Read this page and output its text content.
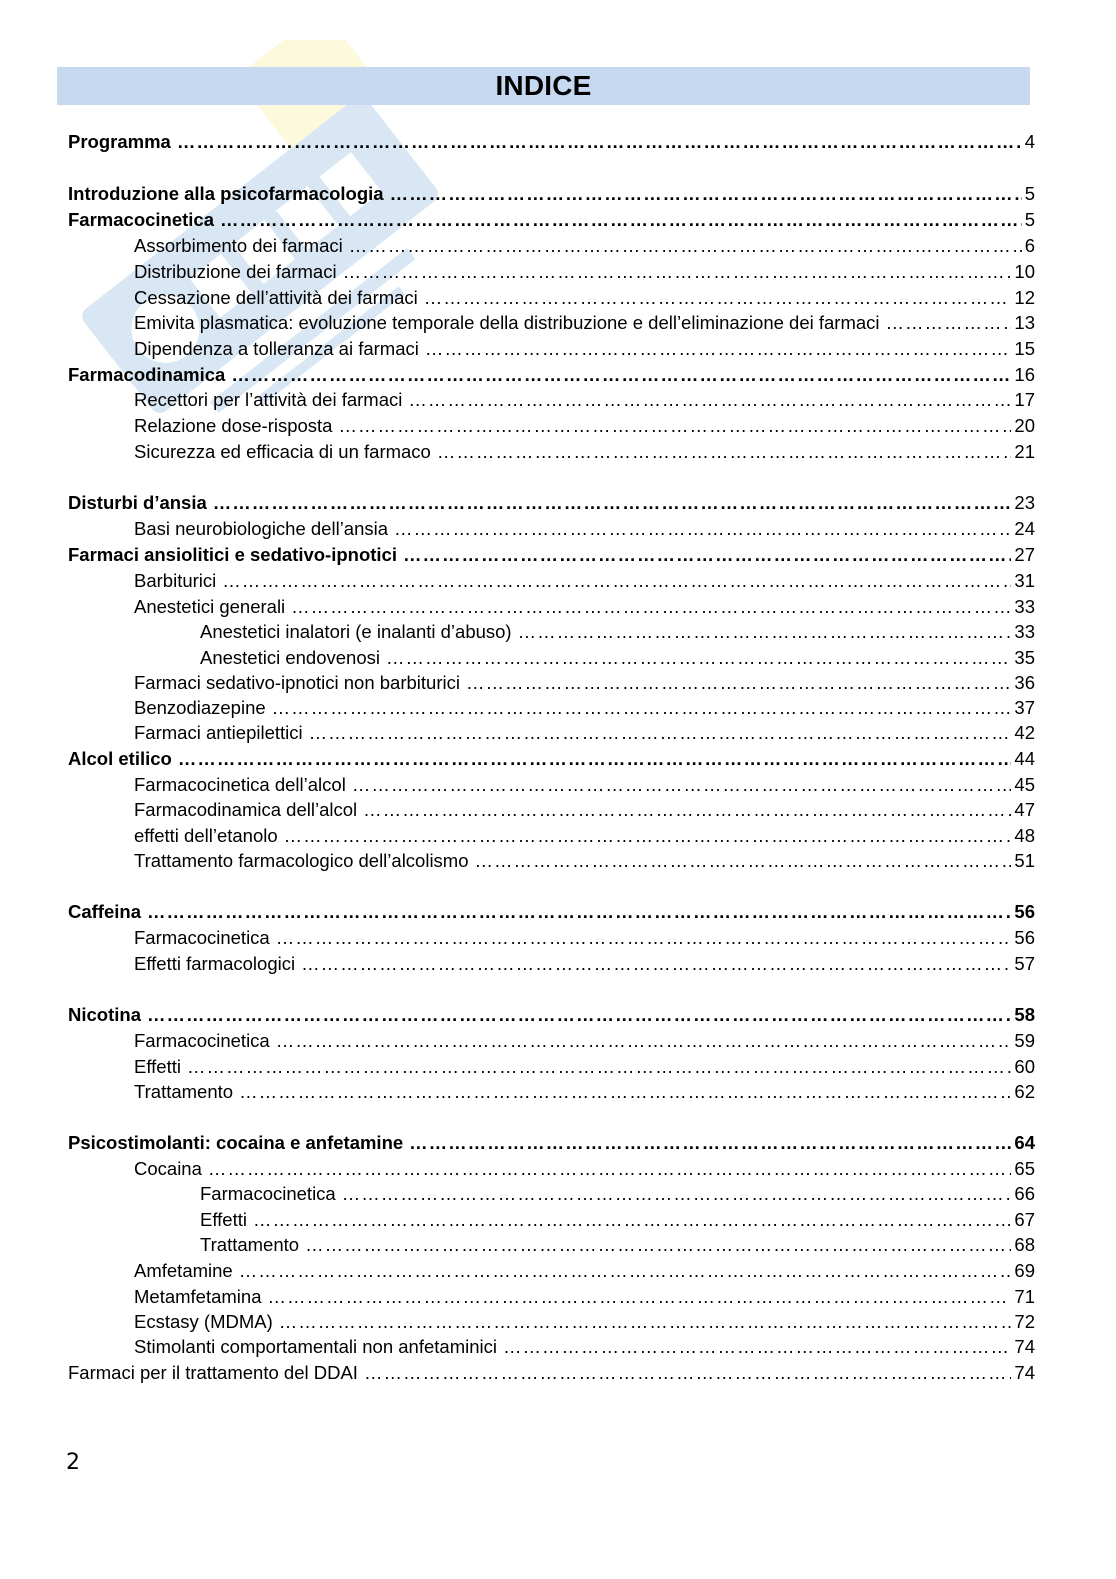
INDICE
Programma ……………………………………………………………………………………………………………………………………………………………………………………………………………………………………………………………………………………………………………………………………	4
Introduzione alla psicofarmacologia ……………………………………………………………………………………………………………………………………………………………………………………………………………………………………………………………………………………………………………………………………	5
Farmacocinetica ……………………………………………………………………………………………………………………………………………………………………………………………………………………………………………………………………………………………………………………………………	5
Assorbimento dei farmaci ……………………………………………………………………………………………………………………………………………………………………………………………………………………………………………………………………………………………………………………………………	6
Distribuzione dei farmaci ……………………………………………………………………………………………………………………………………………………………………………………………………………………………………………………………………………………………………………………………………	10
Cessazione dell’attività dei farmaci ……………………………………………………………………………………………………………………………………………………………………………………………………………………………………………………………………………………………………………………………………	12
Emivita plasmatica: evoluzione temporale della distribuzione e dell’eliminazione dei farmaci ……………………………………………………………………………………………………………………………………………………………………………………………………………………………………………………………………………………………………………………………………	13
Dipendenza a tolleranza ai farmaci ……………………………………………………………………………………………………………………………………………………………………………………………………………………………………………………………………………………………………………………………………	15
Farmacodinamica ……………………………………………………………………………………………………………………………………………………………………………………………………………………………………………………………………………………………………………………………………	16
Recettori per l’attività dei farmaci ……………………………………………………………………………………………………………………………………………………………………………………………………………………………………………………………………………………………………………………………………	17
Relazione dose-risposta ……………………………………………………………………………………………………………………………………………………………………………………………………………………………………………………………………………………………………………………………………	20
Sicurezza ed efficacia di un farmaco ……………………………………………………………………………………………………………………………………………………………………………………………………………………………………………………………………………………………………………………………………	21
Disturbi d’ansia ……………………………………………………………………………………………………………………………………………………………………………………………………………………………………………………………………………………………………………………………………	23
Basi neurobiologiche dell’ansia ……………………………………………………………………………………………………………………………………………………………………………………………………………………………………………………………………………………………………………………………………	24
Farmaci ansiolitici e sedativo-ipnotici ……………………………………………………………………………………………………………………………………………………………………………………………………………………………………………………………………………………………………………………………………	27
Barbiturici ……………………………………………………………………………………………………………………………………………………………………………………………………………………………………………………………………………………………………………………………………	31
Anestetici generali ……………………………………………………………………………………………………………………………………………………………………………………………………………………………………………………………………………………………………………………………………	33
Anestetici inalatori (e inalanti d’abuso) ……………………………………………………………………………………………………………………………………………………………………………………………………………………………………………………………………………………………………………………………………	33
Anestetici endovenosi ……………………………………………………………………………………………………………………………………………………………………………………………………………………………………………………………………………………………………………………………………	35
Farmaci sedativo-ipnotici non barbiturici ……………………………………………………………………………………………………………………………………………………………………………………………………………………………………………………………………………………………………………………………………	36
Benzodiazepine ……………………………………………………………………………………………………………………………………………………………………………………………………………………………………………………………………………………………………………………………………	37
Farmaci antiepilettici ……………………………………………………………………………………………………………………………………………………………………………………………………………………………………………………………………………………………………………………………………	42
Alcol etilico ……………………………………………………………………………………………………………………………………………………………………………………………………………………………………………………………………………………………………………………………………	44
Farmacocinetica dell’alcol ……………………………………………………………………………………………………………………………………………………………………………………………………………………………………………………………………………………………………………………………………	45
Farmacodinamica dell’alcol ……………………………………………………………………………………………………………………………………………………………………………………………………………………………………………………………………………………………………………………………………	47
effetti dell’etanolo ……………………………………………………………………………………………………………………………………………………………………………………………………………………………………………………………………………………………………………………………………	48
Trattamento farmacologico dell’alcolismo ……………………………………………………………………………………………………………………………………………………………………………………………………………………………………………………………………………………………………………………………………	51
Caffeina ……………………………………………………………………………………………………………………………………………………………………………………………………………………………………………………………………………………………………………………………………	56
Farmacocinetica ……………………………………………………………………………………………………………………………………………………………………………………………………………………………………………………………………………………………………………………………………	56
Effetti farmacologici ……………………………………………………………………………………………………………………………………………………………………………………………………………………………………………………………………………………………………………………………………	57
Nicotina ……………………………………………………………………………………………………………………………………………………………………………………………………………………………………………………………………………………………………………………………………	58
Farmacocinetica ……………………………………………………………………………………………………………………………………………………………………………………………………………………………………………………………………………………………………………………………………	59
Effetti ……………………………………………………………………………………………………………………………………………………………………………………………………………………………………………………………………………………………………………………………………	60
Trattamento ……………………………………………………………………………………………………………………………………………………………………………………………………………………………………………………………………………………………………………………………………	62
Psicostimolanti: cocaina e anfetamine ……………………………………………………………………………………………………………………………………………………………………………………………………………………………………………………………………………………………………………………………………	64
Cocaina ……………………………………………………………………………………………………………………………………………………………………………………………………………………………………………………………………………………………………………………………………	65
Farmacocinetica ……………………………………………………………………………………………………………………………………………………………………………………………………………………………………………………………………………………………………………………………………	66
Effetti ……………………………………………………………………………………………………………………………………………………………………………………………………………………………………………………………………………………………………………………………………	67
Trattamento ……………………………………………………………………………………………………………………………………………………………………………………………………………………………………………………………………………………………………………………………………	68
Amfetamine ……………………………………………………………………………………………………………………………………………………………………………………………………………………………………………………………………………………………………………………………………	69
Metamfetamina ……………………………………………………………………………………………………………………………………………………………………………………………………………………………………………………………………………………………………………………………………	71
Ecstasy (MDMA) ……………………………………………………………………………………………………………………………………………………………………………………………………………………………………………………………………………………………………………………………………	72
Stimolanti comportamentali non anfetaminici ……………………………………………………………………………………………………………………………………………………………………………………………………………………………………………………………………………………………………………………………………	74
Farmaci per il trattamento del DDAI ……………………………………………………………………………………………………………………………………………………………………………………………………………………………………………………………………………………………………………………………………	74
2
